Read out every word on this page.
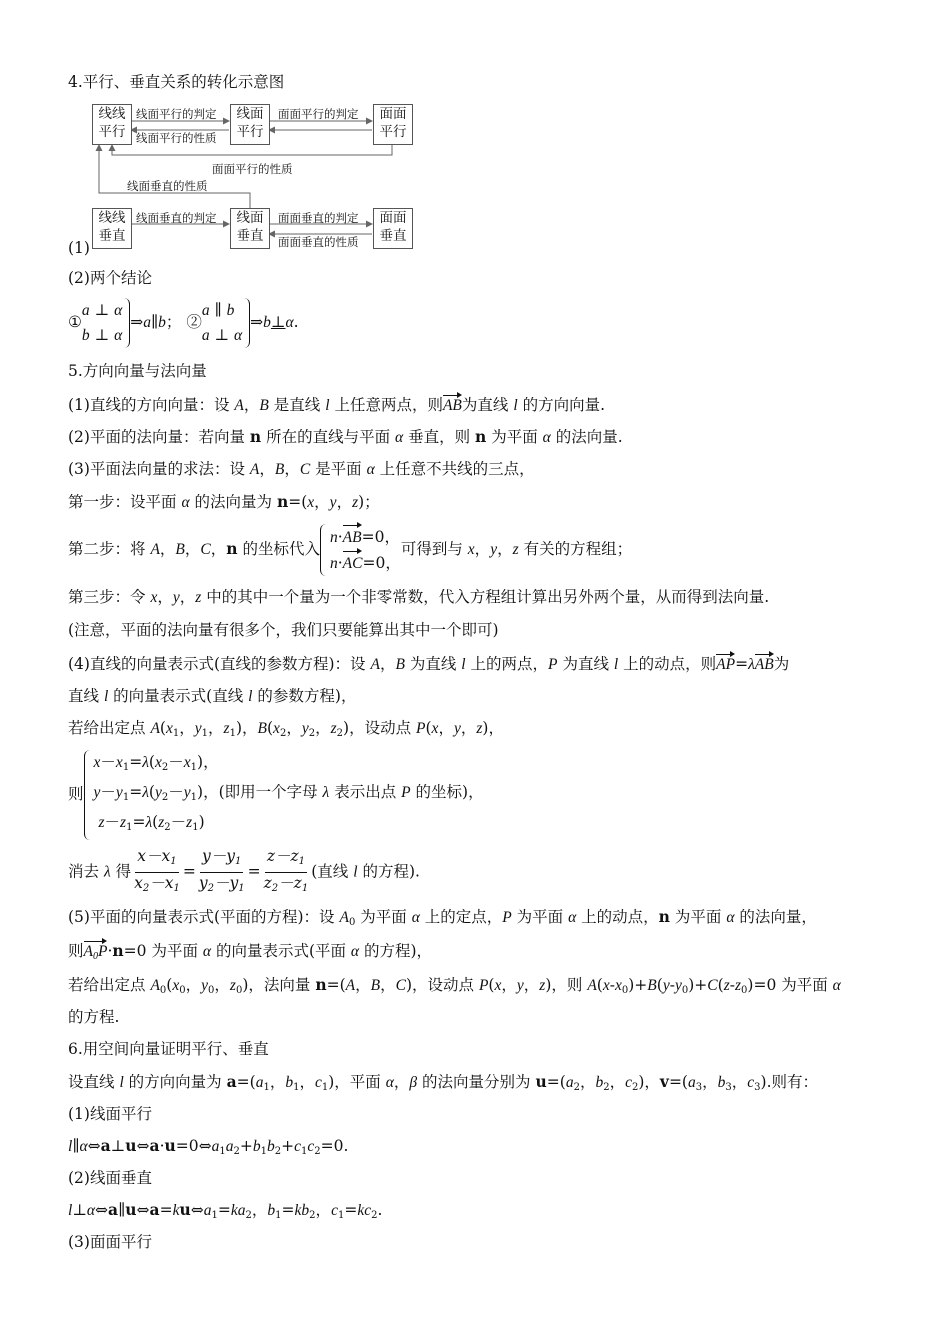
4.平行、垂直关系的转化示意图
线线
平行
线面
平行
面面
平行
线线
垂直
线面
垂直
面面
垂直
线面平行的判定
线面平行的性质
面面平行的判定
面面平行的性质
线面垂直的性质
线面垂直的判定	面面垂直的判定
面面垂直的性质
(1)
(2)两个结论
①
a ⊥ α
b ⊥ α
⇒a∥b； ②
a ∥ b
a ⊥ α
⇒b⊥α.
5.方向向量与法向量
(1)直线的方向向量：设 A，B 是直线 l 上任意两点，则AB为直线 l 的方向向量.
(2)平面的法向量：若向量 n 所在的直线与平面 α 垂直，则 n 为平面 α 的法向量.
(3)平面法向量的求法：设 A，B，C 是平面 α 上任意不共线的三点，
第一步：设平面 α 的法向量为 n=(x，y，z)；
第二步：将 A，B，C，n 的坐标代入
n·AB=0，
n·AC=0，
可得到与 x，y，z 有关的方程组；
第三步：令 x，y，z 中的其中一个量为一个非零常数，代入方程组计算出另外两个量，从而得到法向量.
(注意，平面的法向量有很多个，我们只要能算出其中一个即可)
(4)直线的向量表示式(直线的参数方程)：设 A，B 为直线 l 上的两点，P 为直线 l 上的动点，则AP=λAB为
直线 l 的向量表示式(直线 l 的参数方程)，
若给出定点 $A(x_1$，$y_1$，$z_1$)，$B(x_2$，$y_2$，$z_2$)，设动点 P(x，y，z)，
则
$x-x_1=\lambda(x_2-x_1)$，
$y-y_1=\lambda(y_2-y_1)$，(即用一个字母 λ 表示出点 P 的坐标)，
$z-z_1=\lambda(z_2-z_1)$
消去 λ 得 $\frac{x-x_1}{x_2-x_1} = \frac{y-y_1}{y_2-y_1} = \frac{z-z_1}{z_2-z_1}$ (直线 l 的方程).
(5)平面的向量表示式(平面的方程)：设 $A_0$ 为平面 α 上的定点，P 为平面 α 上的动点，n 为平面 α 的法向量，
则$A_0P\cdot n=0$ 为平面 α 的向量表示式(平面 α 的方程)，
若给出定点 $A_0(x_0$，$y_0$，$z_0$)，法向量 n=(A，B，C)，设动点 P(x，y，z)，则 $A(x-x_0)+B(y-y_0)+C(z-z_0)=0$ 为平面 α
的方程.
6.用空间向量证明平行、垂直
设直线 l 的方向向量为 $a=(a_1$，$b_1$，$c_1$)，平面 α，β 的法向量分别为 $u=(a_2$，$b_2$，$c_2$)，$v=(a_3$，$b_3$，$c_3$).则有：
(1)线面平行
$l\parallel\alpha\Leftrightarrow a\perp u\Leftrightarrow a\cdot u=0\Leftrightarrow a_1a_2+b_1b_2+c_1c_2=0$.
(2)线面垂直
$l\perp\alpha\Leftrightarrow a\parallel u\Leftrightarrow a=ku\Leftrightarrow a_1=ka_2$，$b_1=kb_2$，$c_1=kc_2$.
(3)面面平行
